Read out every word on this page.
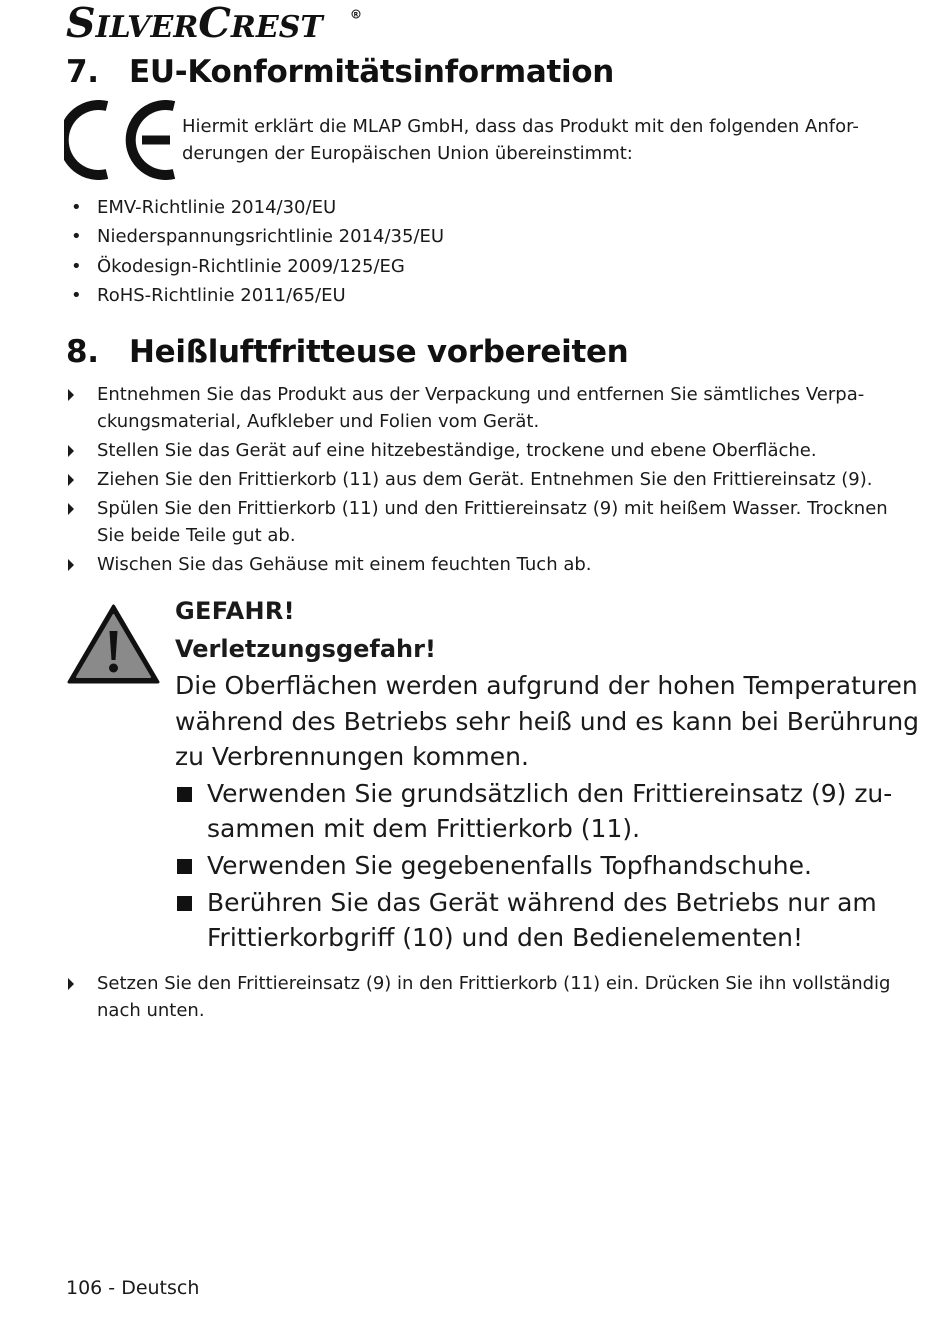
SILVERCREST	R
7. EU-Konformitätsinformation
Hiermit erklärt die MLAP GmbH, dass das Produkt mit den folgenden Anfor-
derungen der Europäischen Union übereinstimmt:
• EMV-Richtlinie 2014/30/EU
• Niederspannungsrichtlinie 2014/35/EU
• Ökodesign-Richtlinie 2009/125/EG
• RoHS-Richtlinie 2011/65/EU
8. Heißluftfritteuse vorbereiten
Entnehmen Sie das Produkt aus der Verpackung und entfernen Sie sämtliches Verpa-
ckungsmaterial, Aufkleber und Folien vom Gerät.
Stellen Sie das Gerät auf eine hitzebeständige, trockene und ebene Oberfläche.
Ziehen Sie den Frittierkorb (11) aus dem Gerät. Entnehmen Sie den Frittiereinsatz (9).
Spülen Sie den Frittierkorb (11) und den Frittiereinsatz (9) mit heißem Wasser. Trocknen
Sie beide Teile gut ab.
Wischen Sie das Gehäuse mit einem feuchten Tuch ab.
GEFAHR!
Verletzungsgefahr!
Die Oberflächen werden aufgrund der hohen Temperaturen
während des Betriebs sehr heiß und es kann bei Berührung
zu Verbrennungen kommen.
Verwenden Sie grundsätzlich den Frittiereinsatz (9) zu-
sammen mit dem Frittierkorb (11).
Verwenden Sie gegebenenfalls Topfhandschuhe.
Berühren Sie das Gerät während des Betriebs nur am
Frittierkorbgriff (10) und den Bedienelementen!
Setzen Sie den Frittiereinsatz (9) in den Frittierkorb (11) ein. Drücken Sie ihn vollständig
nach unten.
106 - Deutsch
